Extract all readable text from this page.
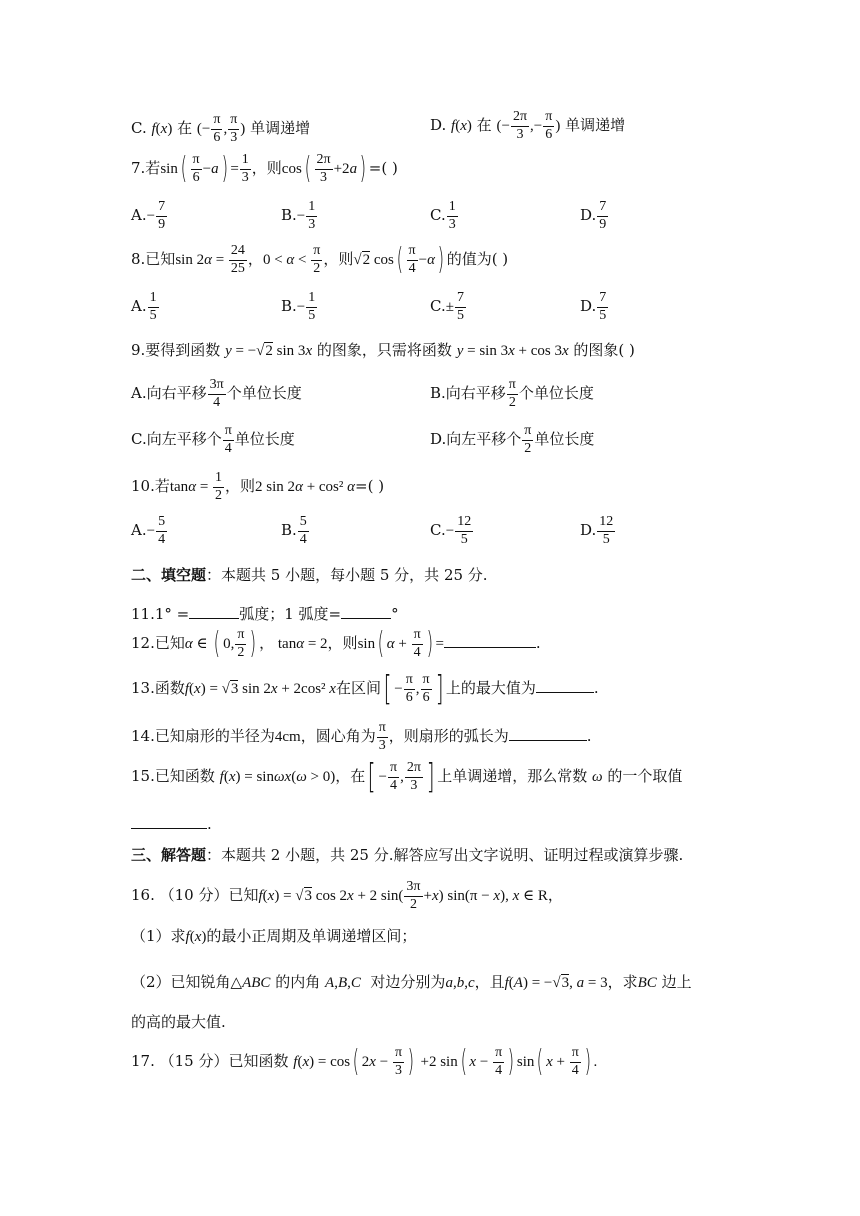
C. f(x) 在 (− $\frac{\pi}{6}$ , $\frac{\pi}{3}$ ) 单调递增	D. f(x) 在 (− $\frac{2\pi}{3}$ ,− $\frac{\pi}{6}$ ) 单调递增
7.若$\sin( \frac{\pi}{6} -a) = \frac{1}{3}$ ，则$\cos( \frac{2\pi}{3} +2a)$ =( )
$A.- \frac{7}{9}$	$B.- \frac{1}{3}$	C. $\frac{1}{3}$	D. $\frac{7}{9}$
8.已知$\sin 2\alpha = \frac{24}{25}$ ，$0 < \alpha < \frac{\pi}{2}$ ，则√2 $\cos( \frac{\pi}{4} -\alpha)$ 的值为( )
A. $\frac{1}{5}$	$B.- \frac{1}{5}$	$C.\pm \frac{7}{5}$	D. $\frac{7}{5}$
9.要得到函数 y = −√2 sin 3x 的图象，只需将函数 y = sin 3x + cos 3x 的图象( )
A.向右平移 $\frac{3\pi}{4}$ 个单位长度	B.向右平移 $\frac{\pi}{2}$ 个单位长度
C.向左平移个 $\frac{\pi}{4}$ 单位长度	D.向左平移个 $\frac{\pi}{2}$ 单位长度
10.若$\tan\alpha = \frac{1}{2}$ ，则2 sin 2α + cos² α=( )
$A.- \frac{5}{4}$	B. $\frac{5}{4}$	$C.- \frac{12}{5}$	D. $\frac{12}{5}$
二、填空题：本题共 5 小题，每小题 5 分，共 25 分.
11.1° =	弧度；1 弧度=	°
12.已知α ∈ ( 0, $\frac{\pi}{2}$ ) ， tanα = 2，则sin( $\alpha + \frac{\pi}{4}$ ) =	.
13.函数f(x) = √3 sin 2x + 2cos² x在区间[ − $\frac{\pi}{6}$ , $\frac{\pi}{6}$ ] 上的最大值为	.
14.已知扇形的半径为4cm，圆心角为 $\frac{\pi}{3}$ ，则扇形的弧长为	.
15.已知函数 f(x) = sinωx(ω > 0)，在[ − $\frac{\pi}{4}$ , $\frac{2\pi}{3}$ ] 上单调递增，那么常数 ω 的一个取值
.
三、解答题：本题共 2 小题，共 25 分.解答应写出文字说明、证明过程或演算步骤.
16. （10 分）已知f(x) = √3 cos 2x + 2 $\sin( \frac{3\pi}{2} +x)$ sin(π − x), x ∈ R，
（1）求f(x)的最小正周期及单调递增区间；
（2）已知锐角△ABC 的内角 A,B,C 对边分别为a,b,c，且f(A) = −√3, a = 3，求BC 边上
的高的最大值.
17. （15 分）已知函数 f(x) = cos( $2x - \frac{\pi}{3}$ ) +2 sin( $x - \frac{\pi}{4}$ ) sin( $x + \frac{\pi}{4}$ ) .
